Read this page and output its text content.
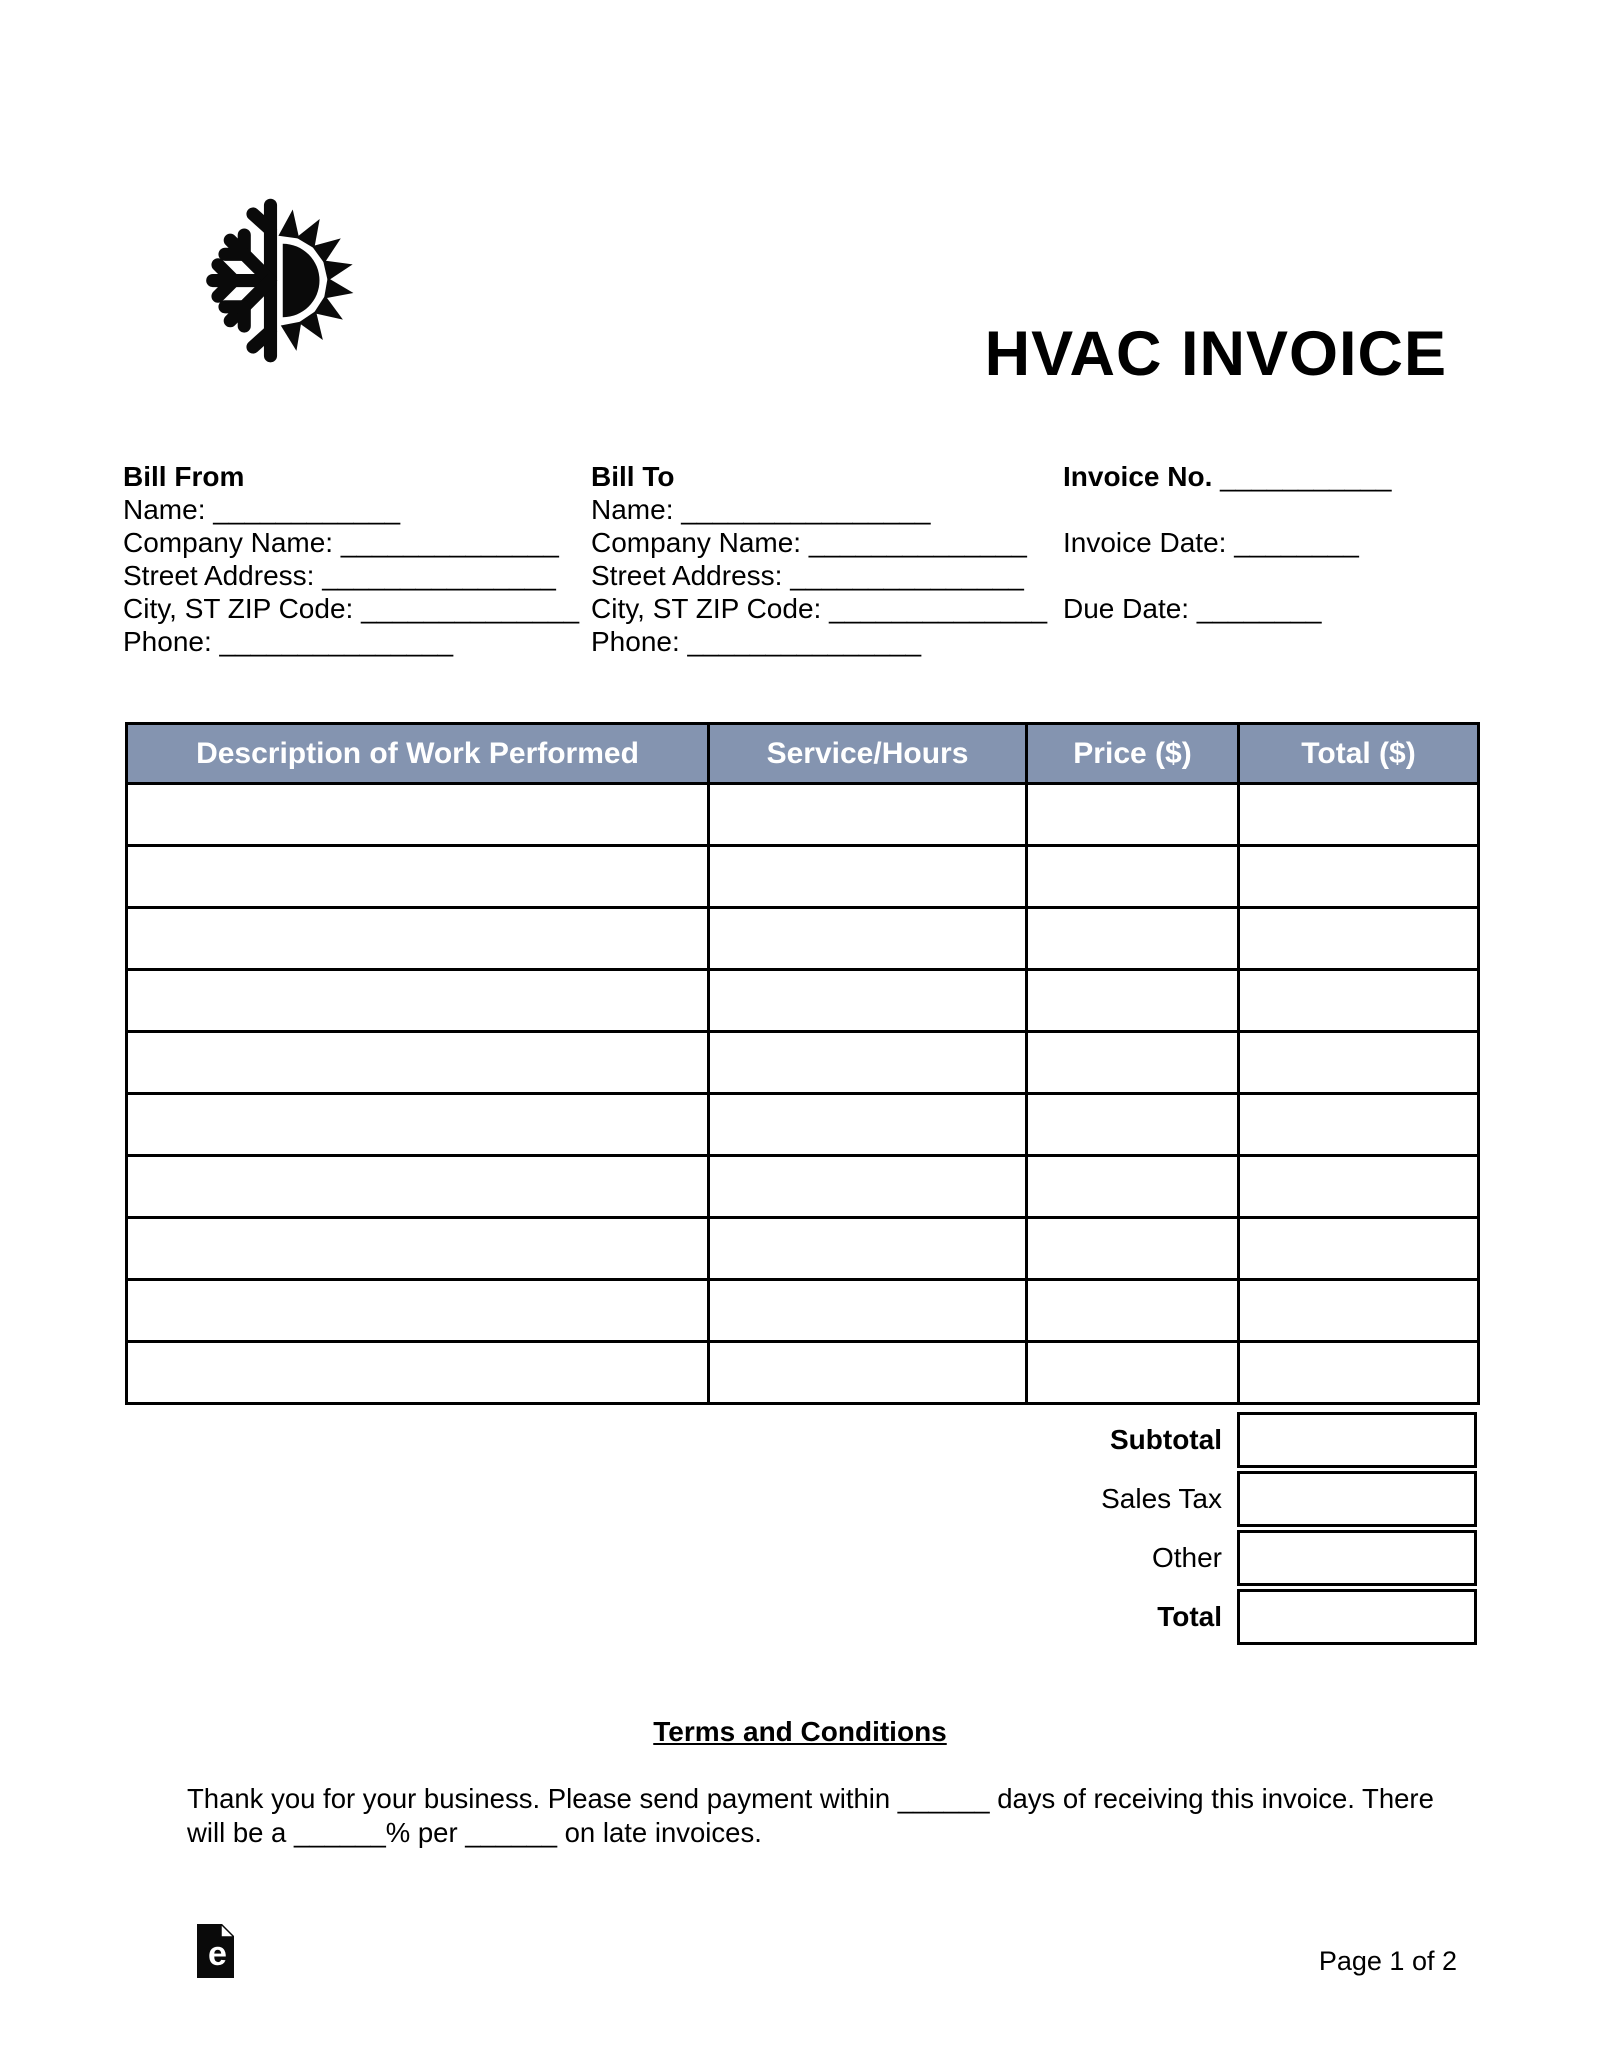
HVAC INVOICE
Bill From
Name: ____________
Company Name: ______________
Street Address: _______________
City, ST ZIP Code: ______________
Phone: _______________
Bill To
Name: ________________
Company Name: ______________
Street Address: _______________
City, ST ZIP Code: ______________
Phone: _______________
Invoice No. ___________
Invoice Date: ________
Due Date: ________
Description of Work Performed	Service/Hours	Price ($)	Total ($)

Subtotal
Sales Tax
Other
Total
Terms and Conditions
Thank you for your business. Please send payment within ______ days of receiving this invoice. There
will be a ______% per ______ on late invoices.
e	Page 1 of 2
